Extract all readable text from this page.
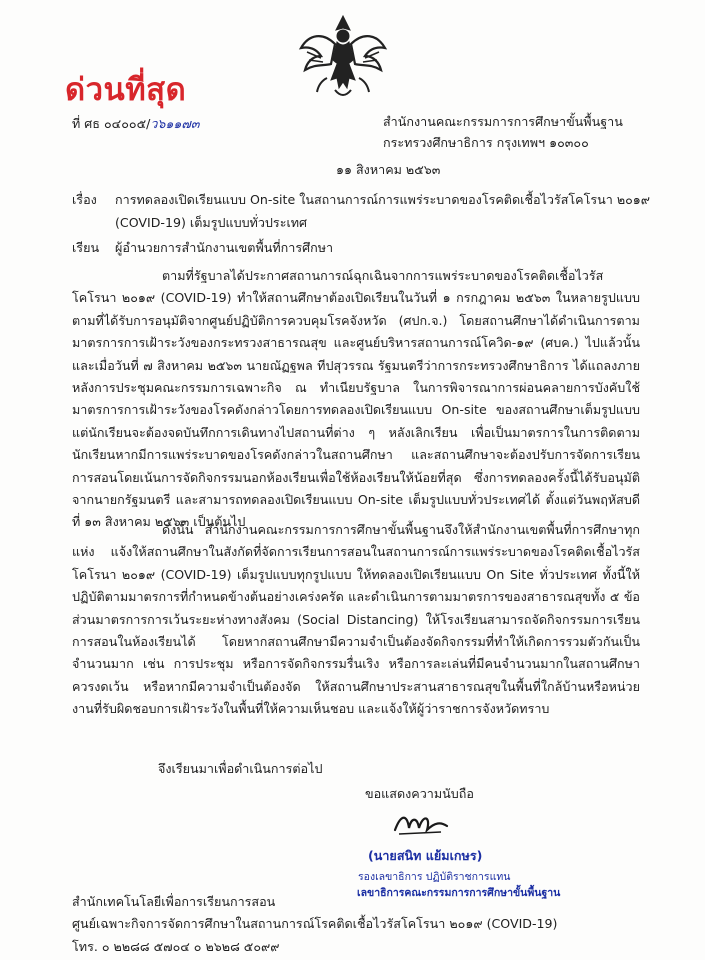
ด่วนที่สุด
ที่ ศธ ๐๔๐๐๕/ว๖๑๑๗๓	สำนักงานคณะกรรมการการศึกษาขั้นพื้นฐาน
กระทรวงศึกษาธิการ กรุงเทพฯ ๑๐๓๐๐
๑๑ สิงหาคม ๒๕๖๓
เรื่อง การทดลองเปิดเรียนแบบ On-site ในสถานการณ์การแพร่ระบาดของโรคติดเชื้อไวรัสโคโรนา ๒๐๑๙
(COVID-19) เต็มรูปแบบทั่วประเทศ
เรียน ผู้อำนวยการสำนักงานเขตพื้นที่การศึกษา
ตามที่รัฐบาลได้ประกาศสถานการณ์ฉุกเฉินจากการแพร่ระบาดของโรคติดเชื้อไวรัสโคโรนา ๒๐๑๙ (COVID-19) ทำให้สถานศึกษาต้องเปิดเรียนในวันที่ ๑ กรกฎาคม ๒๕๖๓ ในหลายรูปแบบตามที่ได้รับการอนุมัติจากศูนย์ปฏิบัติการควบคุมโรคจังหวัด (ศปก.จ.) โดยสถานศึกษาได้ดำเนินการตามมาตรการการเฝ้าระวังของกระทรวงสาธารณสุข และศูนย์บริหารสถานการณ์โควิด-๑๙ (ศบค.) ไปแล้วนั้น และเมื่อวันที่ ๗ สิงหาคม ๒๕๖๓ นายณัฏฐพล ทีปสุวรรณ รัฐมนตรีว่าการกระทรวงศึกษาธิการ ได้แถลงภายหลังการประชุมคณะกรรมการเฉพาะกิจ ณ ทำเนียบรัฐบาล ในการพิจารณาการผ่อนคลายการบังคับใช้มาตรการการเฝ้าระวังของโรคดังกล่าวโดยการทดลองเปิดเรียนแบบ On-site ของสถานศึกษาเต็มรูปแบบ แต่นักเรียนจะต้องจดบันทึกการเดินทางไปสถานที่ต่าง ๆ หลังเลิกเรียน เพื่อเป็นมาตรการในการติดตามนักเรียนหากมีการแพร่ระบาดของโรคดังกล่าวในสถานศึกษา และสถานศึกษาจะต้องปรับการจัดการเรียนการสอนโดยเน้นการจัดกิจกรรมนอกห้องเรียนเพื่อใช้ห้องเรียนให้น้อยที่สุด ซึ่งการทดลองครั้งนี้ได้รับอนุมัติจากนายกรัฐมนตรี และสามารถทดลองเปิดเรียนแบบ On-site เต็มรูปแบบทั่วประเทศได้ ตั้งแต่วันพฤหัสบดีที่ ๑๓ สิงหาคม ๒๕๖๓ เป็นต้นไป
ดังนั้น สำนักงานคณะกรรมการการศึกษาขั้นพื้นฐานจึงให้สำนักงานเขตพื้นที่การศึกษาทุกแห่ง แจ้งให้สถานศึกษาในสังกัดที่จัดการเรียนการสอนในสถานการณ์การแพร่ระบาดของโรคติดเชื้อไวรัสโคโรนา ๒๐๑๙ (COVID-19) เต็มรูปแบบทุกรูปแบบ ให้ทดลองเปิดเรียนแบบ On Site ทั่วประเทศ ทั้งนี้ให้ปฏิบัติตามมาตรการที่กำหนดข้างต้นอย่างเคร่งครัด และดำเนินการตามมาตรการของสาธารณสุขทั้ง ๕ ข้อ ส่วนมาตรการการเว้นระยะห่างทางสังคม (Social Distancing) ให้โรงเรียนสามารถจัดกิจกรรมการเรียนการสอนในห้องเรียนได้ โดยหากสถานศึกษามีความจำเป็นต้องจัดกิจกรรมที่ทำให้เกิดการรวมตัวกันเป็นจำนวนมาก เช่น การประชุม หรือการจัดกิจกรรมรื่นเริง หรือการละเล่นที่มีคนจำนวนมากในสถานศึกษาควรงดเว้น หรือหากมีความจำเป็นต้องจัด ให้สถานศึกษาประสานสาธารณสุขในพื้นที่ใกล้บ้านหรือหน่วยงานที่รับผิดชอบการเฝ้าระวังในพื้นที่ให้ความเห็นชอบ และแจ้งให้ผู้ว่าราชการจังหวัดทราบ
จึงเรียนมาเพื่อดำเนินการต่อไป
ขอแสดงความนับถือ
(นายสนิท แย้มเกษร)
รองเลขาธิการ ปฏิบัติราชการแทน
เลขาธิการคณะกรรมการการศึกษาขั้นพื้นฐาน
สำนักเทคโนโลยีเพื่อการเรียนการสอน
ศูนย์เฉพาะกิจการจัดการศึกษาในสถานการณ์โรคติดเชื้อไวรัสโคโรนา ๒๐๑๙ (COVID-19)
โทร. ๐ ๒๒๘๘ ๕๗๐๔ ๐ ๒๖๒๘ ๕๐๙๙
